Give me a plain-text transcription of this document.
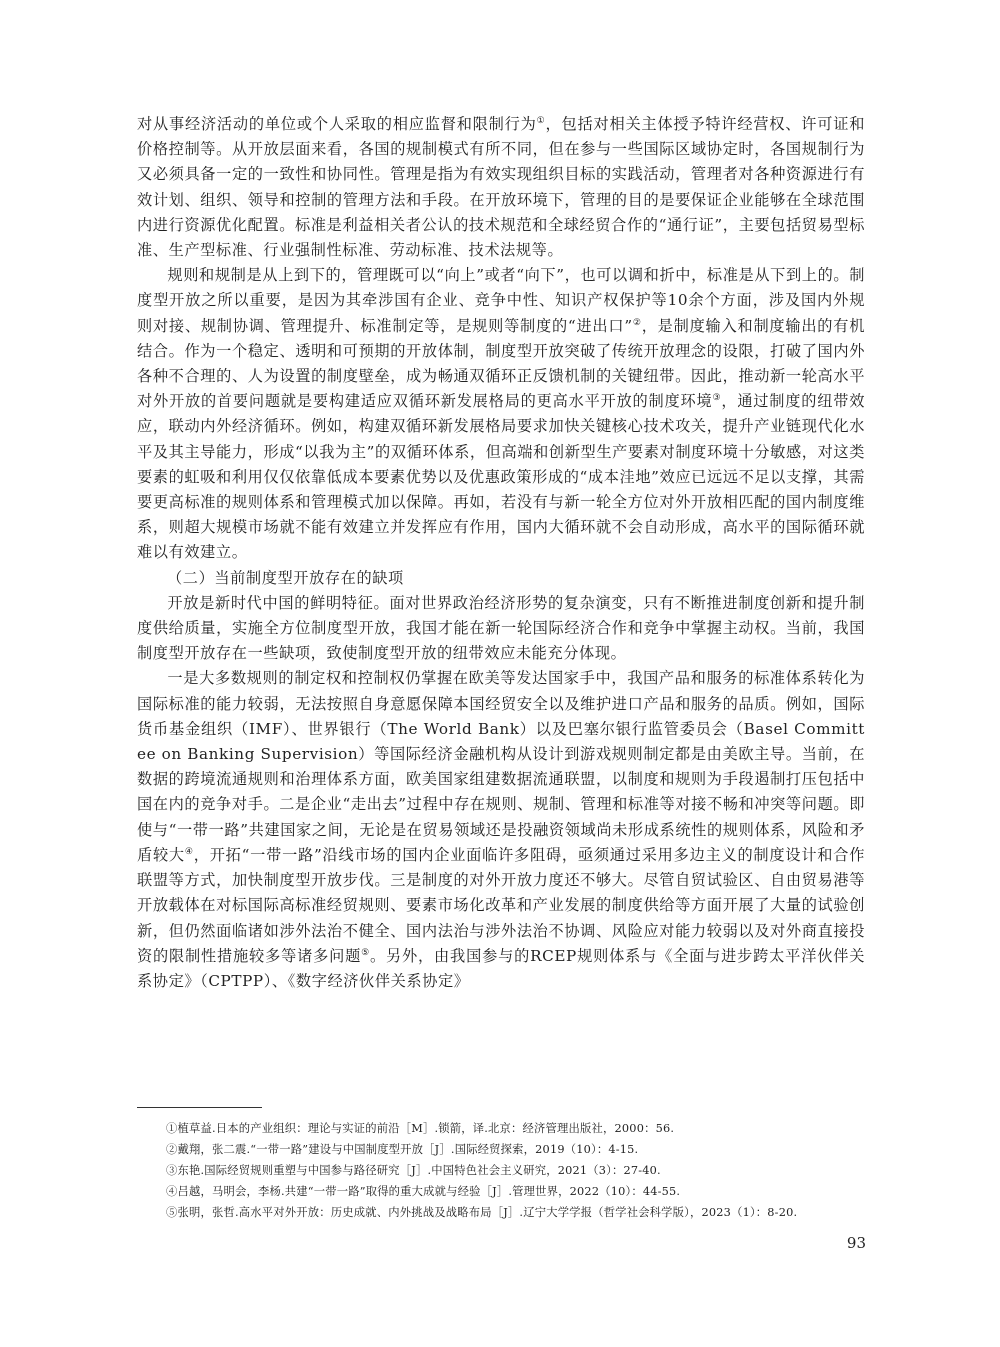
对从事经济活动的单位或个人采取的相应监督和限制行为①，包括对相关主体授予特许经营权、许可证和价格控制等。从开放层面来看，各国的规制模式有所不同，但在参与一些国际区域协定时，各国规制行为又必须具备一定的一致性和协同性。管理是指为有效实现组织目标的实践活动，管理者对各种资源进行有效计划、组织、领导和控制的管理方法和手段。在开放环境下，管理的目的是要保证企业能够在全球范围内进行资源优化配置。标准是利益相关者公认的技术规范和全球经贸合作的“通行证”，主要包括贸易型标准、生产型标准、行业强制性标准、劳动标准、技术法规等。

规则和规制是从上到下的，管理既可以“向上”或者“向下”，也可以调和折中，标准是从下到上的。制度型开放之所以重要，是因为其牵涉国有企业、竞争中性、知识产权保护等10余个方面，涉及国内外规则对接、规制协调、管理提升、标准制定等，是规则等制度的“进出口”②，是制度输入和制度输出的有机结合。作为一个稳定、透明和可预期的开放体制，制度型开放突破了传统开放理念的设限，打破了国内外各种不合理的、人为设置的制度壁垒，成为畅通双循环正反馈机制的关键纽带。因此，推动新一轮高水平对外开放的首要问题就是要构建适应双循环新发展格局的更高水平开放的制度环境③，通过制度的纽带效应，联动内外经济循环。例如，构建双循环新发展格局要求加快关键核心技术攻关，提升产业链现代化水平及其主导能力，形成“以我为主”的双循环体系，但高端和创新型生产要素对制度环境十分敏感，对这类要素的虹吸和利用仅仅依靠低成本要素优势以及优惠政策形成的“成本洼地”效应已远远不足以支撑，其需要更高标准的规则体系和管理模式加以保障。再如，若没有与新一轮全方位对外开放相匹配的国内制度维系，则超大规模市场就不能有效建立并发挥应有作用，国内大循环就不会自动形成，高水平的国际循环就难以有效建立。

（二）当前制度型开放存在的缺项

开放是新时代中国的鲜明特征。面对世界政治经济形势的复杂演变，只有不断推进制度创新和提升制度供给质量，实施全方位制度型开放，我国才能在新一轮国际经济合作和竞争中掌握主动权。当前，我国制度型开放存在一些缺项，致使制度型开放的纽带效应未能充分体现。

一是大多数规则的制定权和控制权仍掌握在欧美等发达国家手中，我国产品和服务的标准体系转化为国际标准的能力较弱，无法按照自身意愿保障本国经贸安全以及维护进口产品和服务的品质。例如，国际货币基金组织（IMF）、世界银行（The World Bank）以及巴塞尔银行监管委员会（Basel Committee on Banking Supervision）等国际经济金融机构从设计到游戏规则制定都是由美欧主导。当前，在数据的跨境流通规则和治理体系方面，欧美国家组建数据流通联盟，以制度和规则为手段遏制打压包括中国在内的竞争对手。二是企业“走出去”过程中存在规则、规制、管理和标准等对接不畅和冲突等问题。即使与“一带一路”共建国家之间，无论是在贸易领域还是投融资领域尚未形成系统性的规则体系，风险和矛盾较大④，开拓“一带一路”沿线市场的国内企业面临许多阻碍，亟须通过采用多边主义的制度设计和合作联盟等方式，加快制度型开放步伐。三是制度的对外开放力度还不够大。尽管自贸试验区、自由贸易港等开放载体在对标国际高标准经贸规则、要素市场化改革和产业发展的制度供给等方面开展了大量的试验创新，但仍然面临诸如涉外法治不健全、国内法治与涉外法治不协调、风险应对能力较弱以及对外商直接投资的限制性措施较多等诸多问题⑤。另外，由我国参与的RCEP规则体系与《全面与进步跨太平洋伙伴关系协定》（CPTPP）、《数字经济伙伴关系协定》

①植草益.日本的产业组织：理论与实证的前沿［M］.锁箭，译.北京：经济管理出版社，2000：56.

②戴翔，张二震.“一带一路”建设与中国制度型开放［J］.国际经贸探索，2019（10）：4-15.

③东艳.国际经贸规则重塑与中国参与路径研究［J］.中国特色社会主义研究，2021（3）：27-40.

④吕越，马明会，李杨.共建“一带一路”取得的重大成就与经验［J］.管理世界，2022（10）：44-55.

⑤张明，张哲.高水平对外开放：历史成就、内外挑战及战略布局［J］.辽宁大学学报（哲学社会科学版），2023（1）：8-20.

93
